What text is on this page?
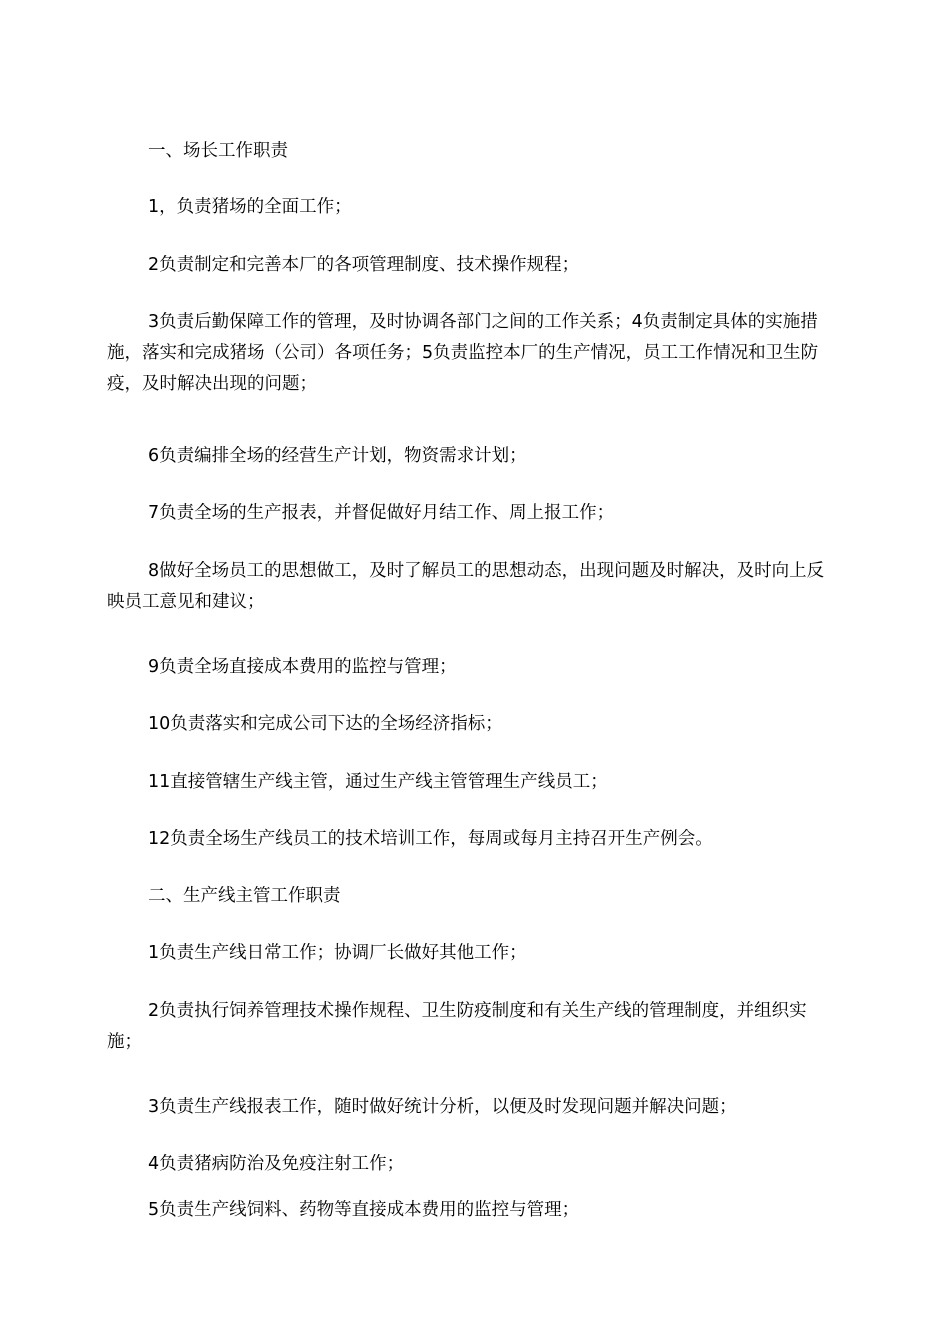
一、场长工作职责

1，负责猪场的全面工作；

2负责制定和完善本厂的各项管理制度、技术操作规程；

3负责后勤保障工作的管理，及时协调各部门之间的工作关系；4负责制定具体的实施措施，落实和完成猪场（公司）各项任务；5负责监控本厂的生产情况，员工工作情况和卫生防疫，及时解决出现的问题；

6负责编排全场的经营生产计划，物资需求计划；

7负责全场的生产报表，并督促做好月结工作、周上报工作；

8做好全场员工的思想做工，及时了解员工的思想动态，出现问题及时解决，及时向上反映员工意见和建议；

9负责全场直接成本费用的监控与管理；

10负责落实和完成公司下达的全场经济指标；

11直接管辖生产线主管，通过生产线主管管理生产线员工；

12负责全场生产线员工的技术培训工作，每周或每月主持召开生产例会。

二、生产线主管工作职责

1负责生产线日常工作；协调厂长做好其他工作；

2负责执行饲养管理技术操作规程、卫生防疫制度和有关生产线的管理制度，并组织实施；

3负责生产线报表工作，随时做好统计分析，以便及时发现问题并解决问题；

4负责猪病防治及免疫注射工作；

5负责生产线饲料、药物等直接成本费用的监控与管理；
